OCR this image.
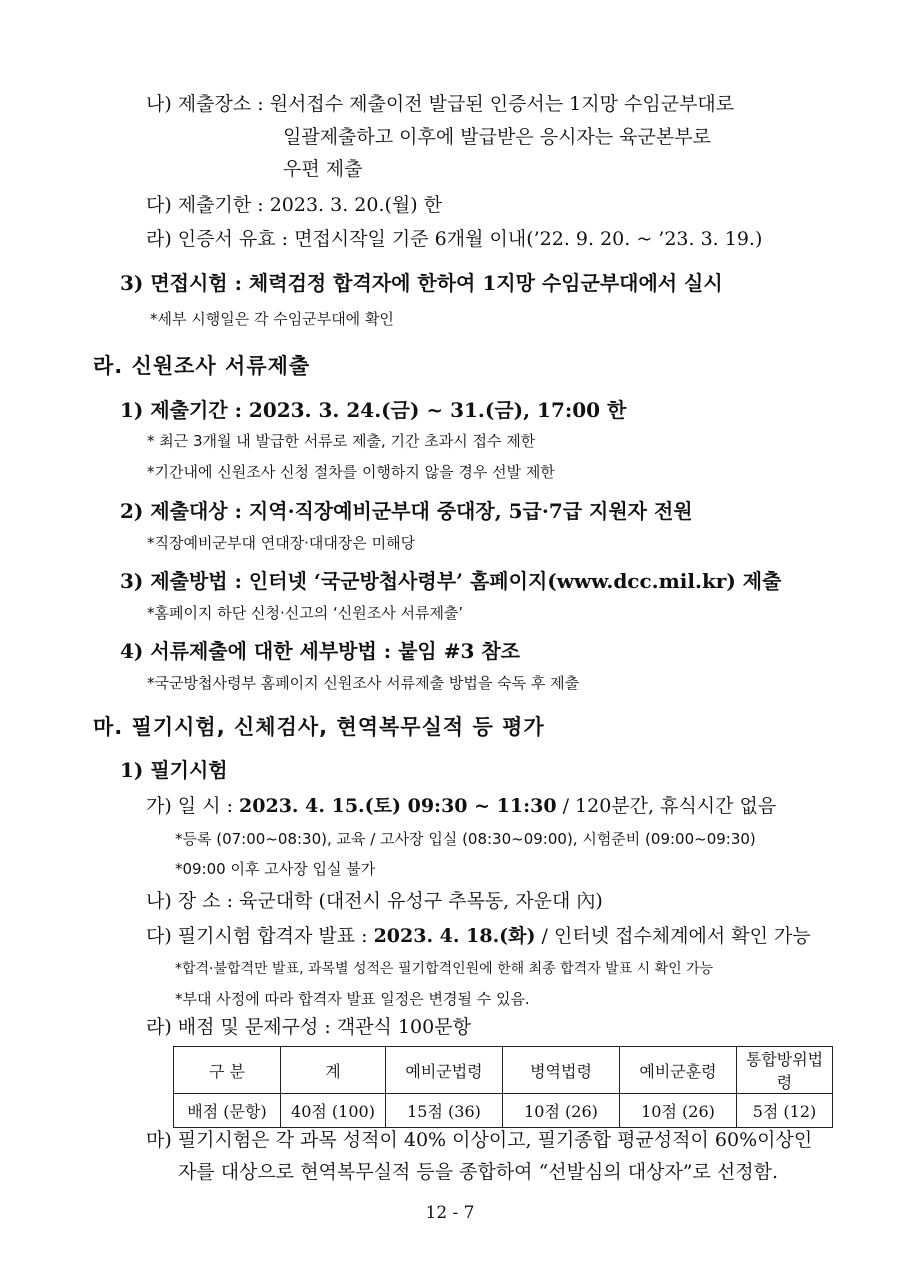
나) 제출장소 : 원서접수 제출이전 발급된 인증서는 1지망 수임군부대로
일괄제출하고 이후에 발급받은 응시자는 육군본부로
우편 제출
다) 제출기한 : 2023. 3. 20.(월) 한
라) 인증서 유효 : 면접시작일 기준 6개월 이내(’22. 9. 20. ~ ’23. 3. 19.)
3) 면접시험 : 체력검정 합격자에 한하여 1지망 수임군부대에서 실시
*세부 시행일은 각 수임군부대에 확인
라. 신원조사 서류제출
1) 제출기간 : 2023. 3. 24.(금) ~ 31.(금), 17:00 한
* 최근 3개월 내 발급한 서류로 제출, 기간 초과시 접수 제한
*기간내에 신원조사 신청 절차를 이행하지 않을 경우 선발 제한
2) 제출대상 : 지역·직장예비군부대 중대장, 5급·7급 지원자 전원
*직장예비군부대 연대장·대대장은 미해당
3) 제출방법 : 인터넷 ‘국군방첩사령부’ 홈페이지(www.dcc.mil.kr) 제출
*홈페이지 하단 신청·신고의 ‘신원조사 서류제출’
4) 서류제출에 대한 세부방법 : 붙임 #3 참조
*국군방첩사령부 홈페이지 신원조사 서류제출 방법을 숙독 후 제출
마. 필기시험, 신체검사, 현역복무실적 등 평가
1) 필기시험
가) 일 시 : 2023. 4. 15.(토) 09:30 ~ 11:30 / 120분간, 휴식시간 없음
*등록 (07:00~08:30), 교육 / 고사장 입실 (08:30~09:00), 시험준비 (09:00~09:30)
*09:00 이후 고사장 입실 불가
나) 장 소 : 육군대학 (대전시 유성구 추목동, 자운대 內)
다) 필기시험 합격자 발표 : 2023. 4. 18.(화) / 인터넷 접수체계에서 확인 가능
*합격·불합격만 발표, 과목별 성적은 필기합격인원에 한해 최종 합격자 발표 시 확인 가능
*부대 사정에 따라 합격자 발표 일정은 변경될 수 있음.
라) 배점 및 문제구성 : 객관식 100문항
구 분	계	예비군법령	병역법령	예비군훈령	통합방위법령
배점 (문항)	40점 (100)	15점 (36)	10점 (26)	10점 (26)	5점 (12)
마) 필기시험은 각 과목 성적이 40% 이상이고, 필기종합 평균성적이 60%이상인
자를 대상으로 현역복무실적 등을 종합하여 “선발심의 대상자”로 선정함.
12 - 7
